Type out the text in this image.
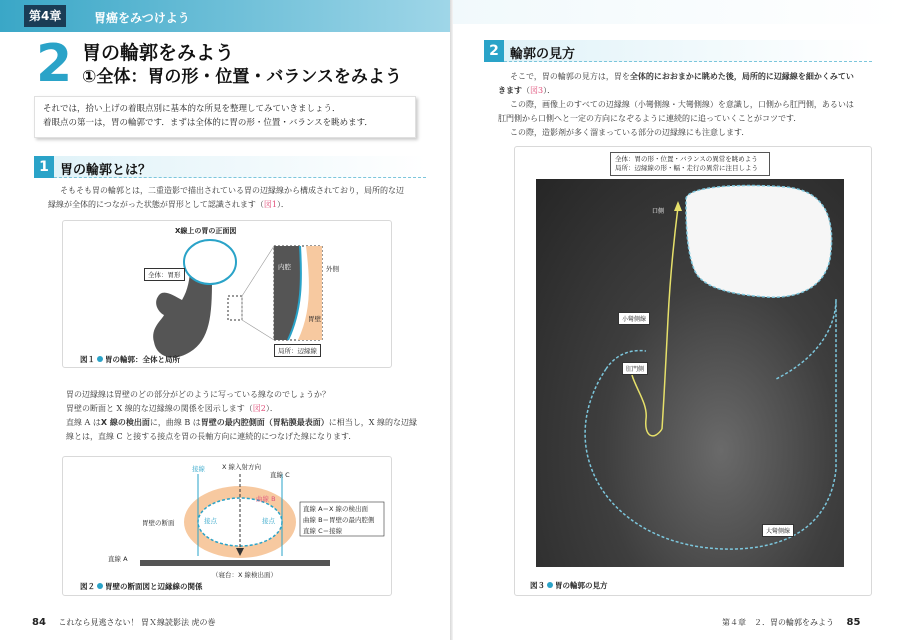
第4章	胃癌をみつけよう
2 胃の輪郭をみよう
①全体：胃の形・位置・バランスをみよう

それでは，拾い上げの着眼点別に基本的な所見を整理してみていきましょう．

着眼点の第一は，胃の輪郭です．まずは全体的に胃の形・位置・バランスを眺めます．

1 胃の輪郭とは？
そもそも胃の輪郭とは，二重造影で描出されている胃の辺縁線から構成されており，局所的な辺
縁線が全体的につながった状態が胃形として認識されます（図1）．
X線上の胃の正面図
全体：胃形
内腔	外側
胃壁
局所：辺縁線
図１ 胃の輪郭：全体と局所
胃の辺縁線は胃壁のどの部分がどのように写っている線なのでしょうか？
胃壁の断面と X 線的な辺縁線の関係を図示します（図2）．
直線 A はX 線の検出面に，曲線 B は胃壁の最内腔側面（胃粘膜最表面）に相当し，X 線的な辺縁
線とは，直線 C と接する接点を胃の長軸方向に連続的につなげた線になります．
接線	X 線入射方向
直線 C
曲線 B
胃壁の断面	接点	接点
直線 A＝X 線の検出面
曲線 B＝胃壁の最内腔側
直線 C＝接線
直線 A
（寝台：X 線検出面）
図２ 胃壁の断面図と辺縁線の関係
84 これなら見逃さない！ 胃Ｘ線読影法 虎の巻
2 輪郭の見方
そこで，胃の輪郭の見方は，胃を全体的におおまかに眺めた後，局所的に辺縁線を細かくみてい
きます（図3）．
この際，画像上のすべての辺縁線（小彎側線・大彎側線）を意識し，口側から肛門側，あるいは
肛門側から口側へと一定の方向になぞるように連続的に追っていくことがコツです．
この際，造影剤が多く溜まっている部分の辺縁線にも注意します．
全体：胃の形・位置・バランスの異常を眺めよう
局所：辺縁線の形・幅・走行の異常に注目しよう
口側
小彎側線
肛門側
大彎側線
図３ 胃の輪郭の見方
第４章　２．胃の輪郭をみよう 85
